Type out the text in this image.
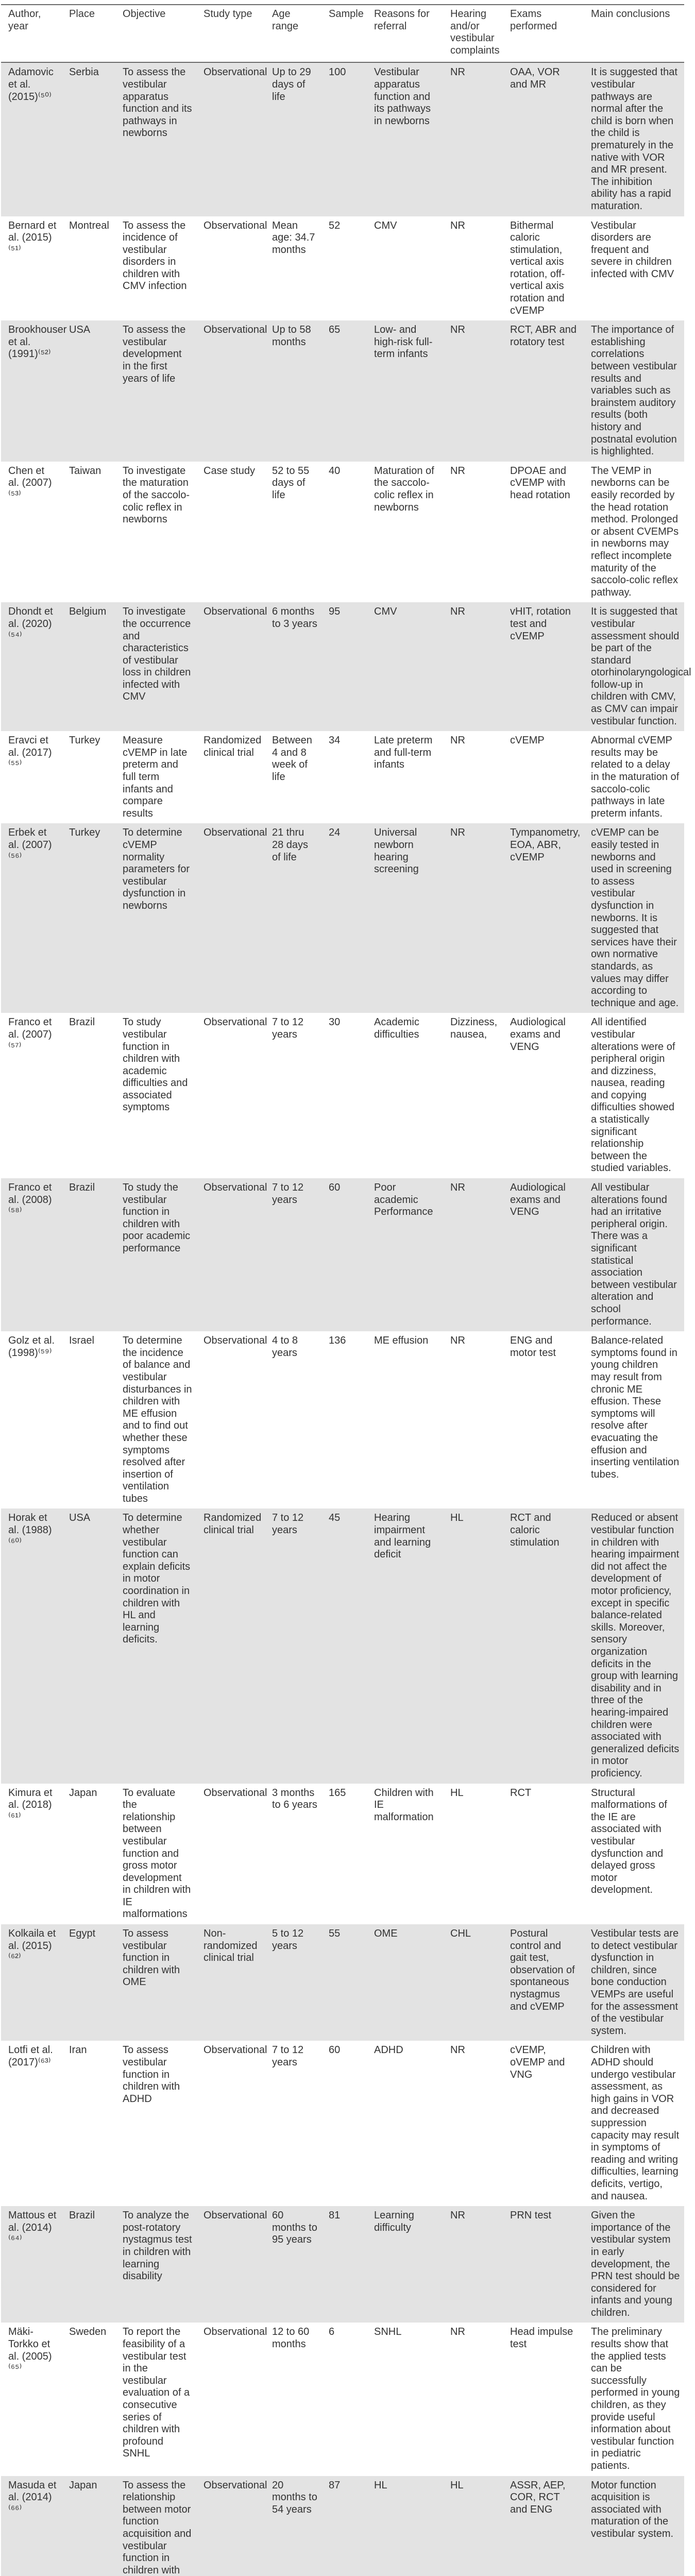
Author, year	Place	Objective	Study type	Age range	Sample	Reasons for referral	Hearing and/or vestibular complaints	Exams performed	Main conclusions
Adamovic et al. (2015)⁽⁵⁰⁾	Serbia	To assess the vestibular apparatus function and its pathways in newborns	Observational	Up to 29 days of life	100	Vestibular apparatus function and its pathways in newborns	NR	OAA, VOR and MR	It is suggested that vestibular pathways are normal after the child is born when the child is prematurely in the native with VOR and MR present. The inhibition ability has a rapid maturation.
Bernard et al. (2015)⁽⁵¹⁾	Montreal	To assess the incidence of vestibular disorders in children with CMV infection	Observational	Mean age: 34.7 months	52	CMV	NR	Bithermal caloric stimulation, vertical axis rotation, off-vertical axis rotation and cVEMP	Vestibular disorders are frequent and severe in children infected with CMV
Brookhouser et al. (1991)⁽⁵²⁾	USA	To assess the vestibular development in the first years of life	Observational	Up to 58 months	65	Low- and high-risk full-term infants	NR	RCT, ABR and rotatory test	The importance of establishing correlations between vestibular results and variables such as brainstem auditory results (both history and postnatal evolution is highlighted.
Chen et al. (2007)⁽⁵³⁾	Taiwan	To investigate the maturation of the saccolo-colic reflex in newborns	Case study	52 to 55 days of life	40	Maturation of the saccolo-colic reflex in newborns	NR	DPOAE and cVEMP with head rotation	The VEMP in newborns can be easily recorded by the head rotation method. Prolonged or absent CVEMPs in newborns may reflect incomplete maturity of the saccolo-colic reflex pathway.
Dhondt et al. (2020)⁽⁵⁴⁾	Belgium	To investigate the occurrence and characteristics of vestibular loss in children infected with CMV	Observational	6 months to 3 years	95	CMV	NR	vHIT, rotation test and cVEMP	It is suggested that vestibular assessment should be part of the standard otorhinolaryngological follow-up in children with CMV, as CMV can impair vestibular function.
Eravci et al. (2017)⁽⁵⁵⁾	Turkey	Measure cVEMP in late preterm and full term infants and compare results	Randomized clinical trial	Between 4 and 8 week of life	34	Late preterm and full-term infants	NR	cVEMP	Abnormal cVEMP results may be related to a delay in the maturation of saccolo-colic pathways in late preterm infants.
Erbek et al. (2007)⁽⁵⁶⁾	Turkey	To determine cVEMP normality parameters for vestibular dysfunction in newborns	Observational	21 thru 28 days of life	24	Universal newborn hearing screening	NR	Tympanometry, EOA, ABR, cVEMP	cVEMP can be easily tested in newborns and used in screening to assess vestibular dysfunction in newborns. It is suggested that services have their own normative standards, as values may differ according to technique and age.
Franco et al. (2007)⁽⁵⁷⁾	Brazil	To study vestibular function in children with academic difficulties and associated symptoms	Observational	7 to 12 years	30	Academic difficulties	Dizziness, nausea,	Audiological exams and VENG	All identified vestibular alterations were of peripheral origin and dizziness, nausea, reading and copying difficulties showed a statistically significant relationship between the studied variables.
Franco et al. (2008)⁽⁵⁸⁾	Brazil	To study the vestibular function in children with poor academic performance	Observational	7 to 12 years	60	Poor academic Performance	NR	Audiological exams and VENG	All vestibular alterations found had an irritative peripheral origin. There was a significant statistical association between vestibular alteration and school performance.
Golz et al. (1998)⁽⁵⁹⁾	Israel	To determine the incidence of balance and vestibular disturbances in children with ME effusion and to find out whether these symptoms resolved after insertion of ventilation tubes	Observational	4 to 8 years	136	ME effusion	NR	ENG and motor test	Balance-related symptoms found in young children may result from chronic ME effusion. These symptoms will resolve after evacuating the effusion and inserting ventilation tubes.
Horak et al. (1988)⁽⁶⁰⁾	USA	To determine whether vestibular function can explain deficits in motor coordination in children with HL and learning deficits.	Randomized clinical trial	7 to 12 years	45	Hearing impairment and learning deficit	HL	RCT and caloric stimulation	Reduced or absent vestibular function in children with hearing impairment did not affect the development of motor proficiency, except in specific balance-related skills. Moreover, sensory organization deficits in the group with learning disability and in three of the hearing-impaired children were associated with generalized deficits in motor proficiency.
Kimura et al. (2018)⁽⁶¹⁾	Japan	To evaluate the relationship between vestibular function and gross motor development in children with IE malformations	Observational	3 months to 6 years	165	Children with IE malformation	HL	RCT	Structural malformations of the IE are associated with vestibular dysfunction and delayed gross motor development.
Kolkaila et al. (2015)⁽⁶²⁾	Egypt	To assess vestibular function in children with OME	Non-randomized clinical trial	5 to 12 years	55	OME	CHL	Postural control and gait test, observation of spontaneous nystagmus and cVEMP	Vestibular tests are to detect vestibular dysfunction in children, since bone conduction VEMPs are useful for the assessment of the vestibular system.
Lotfi et al. (2017)⁽⁶³⁾	Iran	To assess vestibular function in children with ADHD	Observational	7 to 12 years	60	ADHD	NR	cVEMP, oVEMP and VNG	Children with ADHD should undergo vestibular assessment, as high gains in VOR and decreased suppression capacity may result in symptoms of reading and writing difficulties, learning deficits, vertigo, and nausea.
Mattous et al. (2014)⁽⁶⁴⁾	Brazil	To analyze the post-rotatory nystagmus test in children with learning disability	Observational	60 months to 95 years	81	Learning difficulty	NR	PRN test	Given the importance of the vestibular system in early development, the PRN test should be considered for infants and young children.
Mäki-Torkko et al. (2005)⁽⁶⁵⁾	Sweden	To report the feasibility of a vestibular test in the vestibular evaluation of a consecutive series of children with profound SNHL	Observational	12 to 60 months	6	SNHL	NR	Head impulse test	The preliminary results show that the applied tests can be successfully performed in young children, as they provide useful information about vestibular function in pediatric patients.
Masuda et al. (2014)⁽⁶⁶⁾	Japan	To assess the relationship between motor function acquisition and vestibular function in children with	Observational	20 months to 54 years	87	HL	HL	ASSR, AEP, COR, RCT and ENG	Motor function acquisition is associated with maturation of the vestibular system.
